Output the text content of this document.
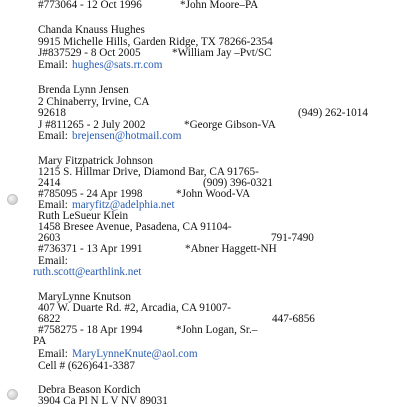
#773064 - 12 Oct 1996	*John Moore–PA
Chanda Knauss Hughes
9915 Michelle Hills, Garden Ridge, TX 78266-2354
J#837529 - 8 Oct 2005	*William Jay –Pvt/SC
Email: hughes@sats.rr.com
Brenda Lynn Jensen
2 Chinaberry, Irvine, CA
92618	(949) 262-1014
J #811265 - 2 July 2002	*George Gibson-VA
Email: brejensen@hotmail.com
Mary Fitzpatrick Johnson
1215 S. Hillmar Drive, Diamond Bar, CA 91765-
2414	(909) 396-0321
#785095 - 24 Apr 1998	*John Wood-VA
Email: maryfitz@adelphia.net
Ruth LeSueur Klein
1458 Bresee Avenue, Pasadena, CA 91104-
2603	791-7490
#736371 - 13 Apr 1991	*Abner Haggett-NH
Email:
ruth.scott@earthlink.net
MaryLynne Knutson
407 W. Duarte Rd. #2, Arcadia, CA 91007-
6822	447-6856
#758275 - 18 Apr 1994	*John Logan, Sr.–
PA
Email: MaryLynneKnute@aol.com
Cell # (626)641-3387
Debra Beason Kordich
3904 Ca Pl N L V NV 89031
